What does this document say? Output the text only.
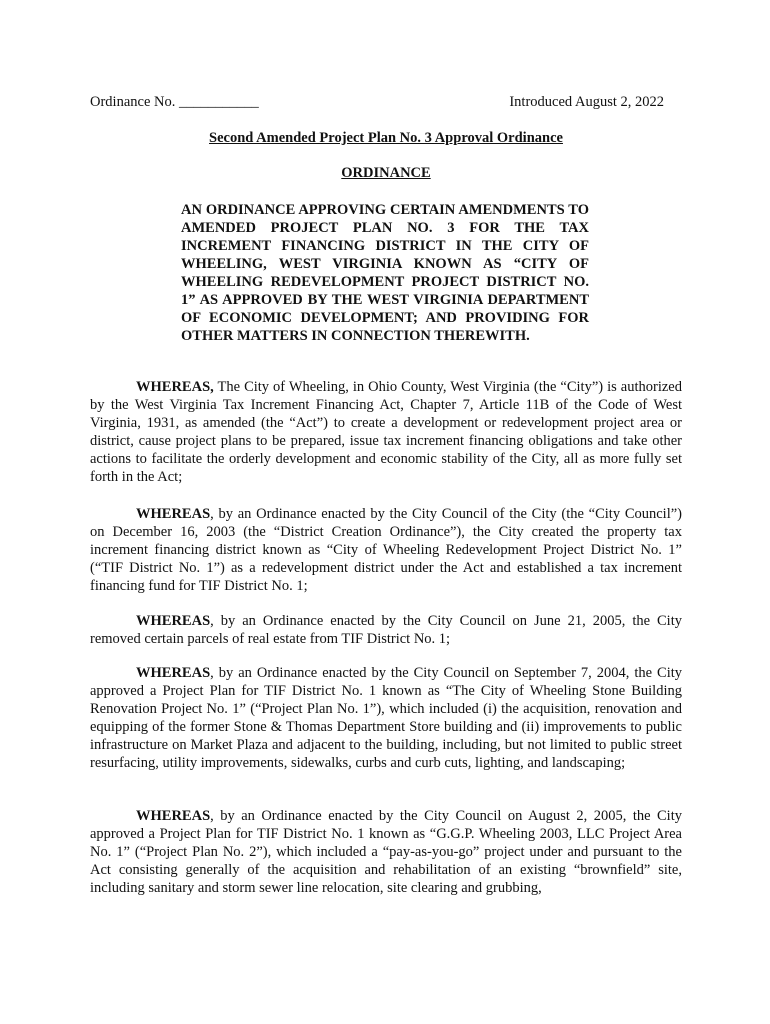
Ordinance No. ___________	Introduced August 2, 2022
Second Amended Project Plan No. 3 Approval Ordinance
ORDINANCE

AN ORDINANCE APPROVING CERTAIN AMENDMENTS TO AMENDED PROJECT PLAN NO. 3 FOR THE TAX INCREMENT FINANCING DISTRICT IN THE CITY OF WHEELING, WEST VIRGINIA KNOWN AS “CITY OF WHEELING REDEVELOPMENT PROJECT DISTRICT NO. 1” AS APPROVED BY THE WEST VIRGINIA DEPARTMENT OF ECONOMIC DEVELOPMENT; AND PROVIDING FOR OTHER MATTERS IN CONNECTION THEREWITH.

WHEREAS, The City of Wheeling, in Ohio County, West Virginia (the “City”) is authorized by the West Virginia Tax Increment Financing Act, Chapter 7, Article 11B of the Code of West Virginia, 1931, as amended (the “Act”) to create a development or redevelopment project area or district, cause project plans to be prepared, issue tax increment financing obligations and take other actions to facilitate the orderly development and economic stability of the City, all as more fully set forth in the Act;

WHEREAS, by an Ordinance enacted by the City Council of the City (the “City Council”) on December 16, 2003 (the “District Creation Ordinance”), the City created the property tax increment financing district known as “City of Wheeling Redevelopment Project District No. 1” (“TIF District No. 1”) as a redevelopment district under the Act and established a tax increment financing fund for TIF District No. 1;

WHEREAS, by an Ordinance enacted by the City Council on June 21, 2005, the City removed certain parcels of real estate from TIF District No. 1;

WHEREAS, by an Ordinance enacted by the City Council on September 7, 2004, the City approved a Project Plan for TIF District No. 1 known as “The City of Wheeling Stone Building Renovation Project No. 1” (“Project Plan No. 1”), which included (i) the acquisition, renovation and equipping of the former Stone & Thomas Department Store building and (ii) improvements to public infrastructure on Market Plaza and adjacent to the building, including, but not limited to public street resurfacing, utility improvements, sidewalks, curbs and curb cuts, lighting, and landscaping;

WHEREAS, by an Ordinance enacted by the City Council on August 2, 2005, the City approved a Project Plan for TIF District No. 1 known as “G.G.P. Wheeling 2003, LLC Project Area No. 1” (“Project Plan No. 2”), which included a “pay-as-you-go” project under and pursuant to the Act consisting generally of the acquisition and rehabilitation of an existing “brownfield” site, including sanitary and storm sewer line relocation, site clearing and grubbing,
